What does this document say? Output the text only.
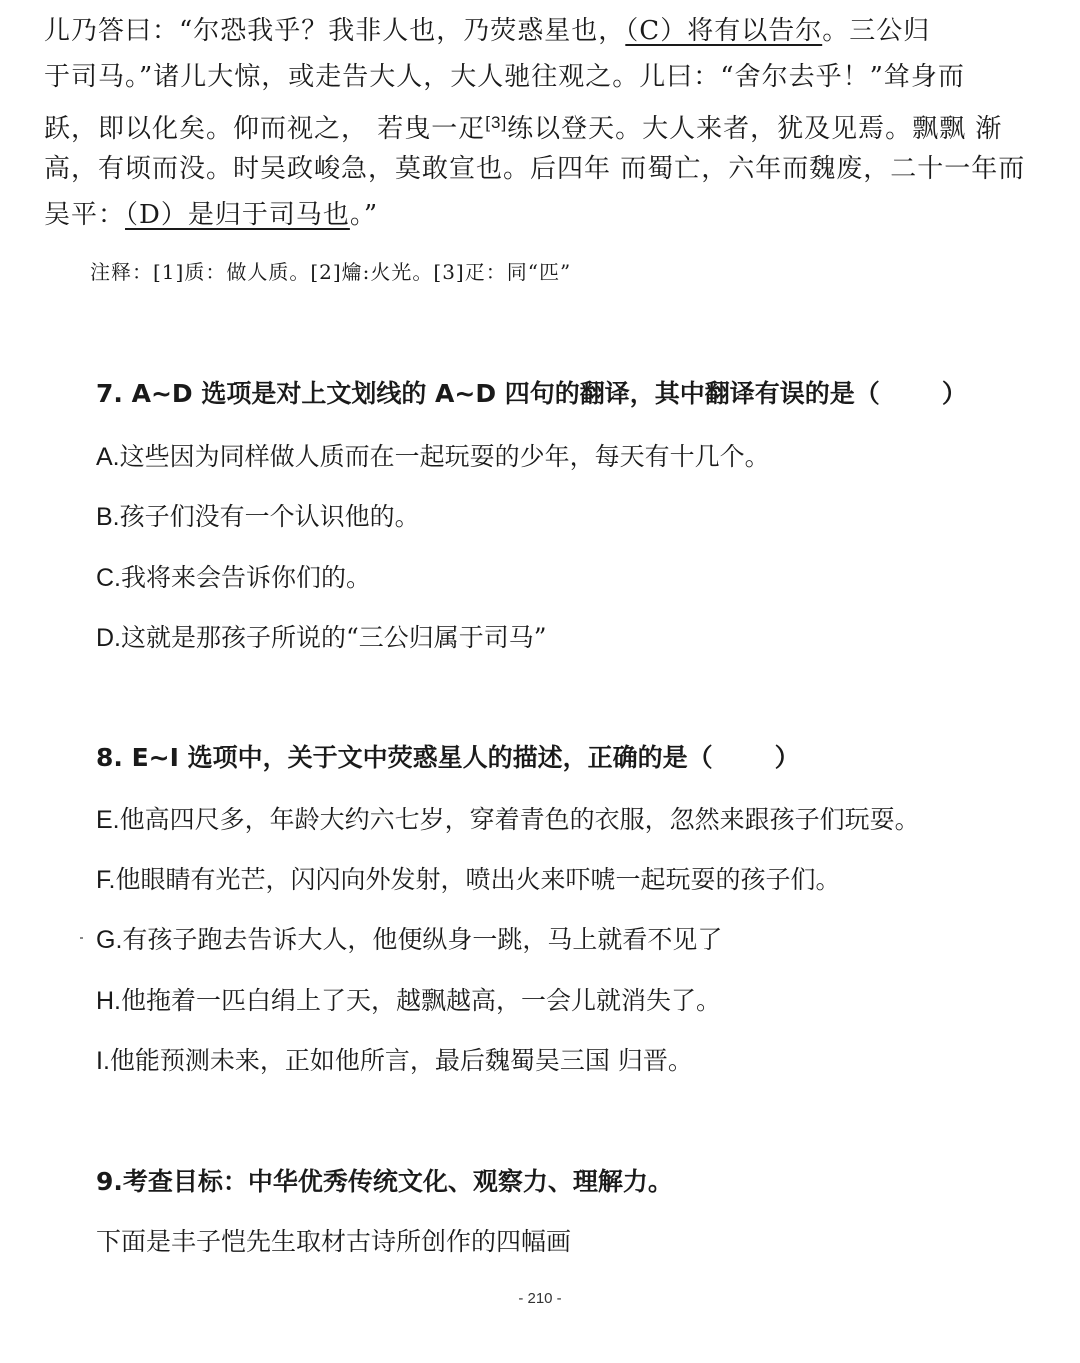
儿乃答曰：“尔恐我乎？我非人也，乃荧惑星也，（C）将有以告尔。三公归
于司马。”诸儿大惊，或走告大人，大人驰往观之。儿曰：“舍尔去乎！”耸身而
跃，即以化矣。仰而视之， 若曳一疋[3]练以登天。大人来者，犹及见焉。飘飘 渐
高，有顷而没。时吴政峻急，莫敢宣也。后四年 而蜀亡，六年而魏废，二十一年而
吴平：（D）是归于司马也。”
注释：[1]质：做人质。[2]爚:火光。[3]疋：同“匹”
7. A~D 选项是对上文划线的 A~D 四句的翻译，其中翻译有误的是（ ）
A.这些因为同样做人质而在一起玩耍的少年，每天有十几个。
B.孩子们没有一个认识他的。
C.我将来会告诉你们的。
D.这就是那孩子所说的“三公归属于司马”
8. E~I 选项中，关于文中荧惑星人的描述，正确的是（ ）
E.他高四尺多，年龄大约六七岁，穿着青色的衣服，忽然来跟孩子们玩耍。
F.他眼睛有光芒，闪闪向外发射，喷出火来吓唬一起玩耍的孩子们。
G.有孩子跑去告诉大人，他便纵身一跳，马上就看不见了
H.他拖着一匹白绢上了天，越飘越高，一会儿就消失了。
I.他能预测未来，正如他所言，最后魏蜀吴三国 归晋。
9.考查目标：中华优秀传统文化、观察力、理解力。
下面是丰子恺先生取材古诗所创作的四幅画
- 210 -
